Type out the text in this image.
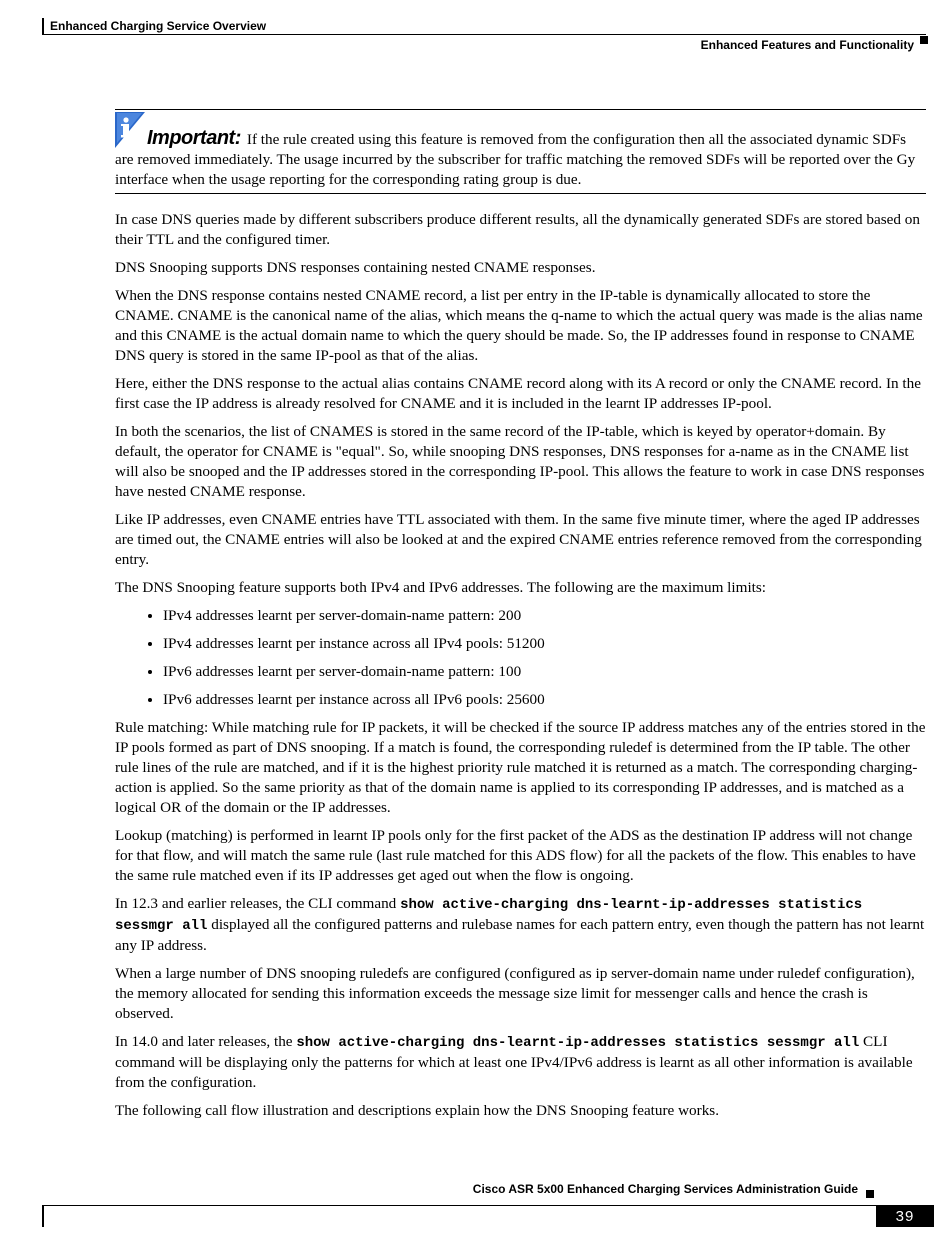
Enhanced Charging Service Overview
Enhanced Features and Functionality
Important: If the rule created using this feature is removed from the configuration then all the associated dynamic SDFs are removed immediately. The usage incurred by the subscriber for traffic matching the removed SDFs will be reported over the Gy interface when the usage reporting for the corresponding rating group is due.

In case DNS queries made by different subscribers produce different results, all the dynamically generated SDFs are stored based on their TTL and the configured timer.

DNS Snooping supports DNS responses containing nested CNAME responses.

When the DNS response contains nested CNAME record, a list per entry in the IP-table is dynamically allocated to store the CNAME. CNAME is the canonical name of the alias, which means the q-name to which the actual query was made is the alias name and this CNAME is the actual domain name to which the query should be made. So, the IP addresses found in response to CNAME DNS query is stored in the same IP-pool as that of the alias.

Here, either the DNS response to the actual alias contains CNAME record along with its A record or only the CNAME record. In the first case the IP address is already resolved for CNAME and it is included in the learnt IP addresses IP-pool.

In both the scenarios, the list of CNAMES is stored in the same record of the IP-table, which is keyed by operator+domain. By default, the operator for CNAME is "equal". So, while snooping DNS responses, DNS responses for a-name as in the CNAME list will also be snooped and the IP addresses stored in the corresponding IP-pool. This allows the feature to work in case DNS responses have nested CNAME response.

Like IP addresses, even CNAME entries have TTL associated with them. In the same five minute timer, where the aged IP addresses are timed out, the CNAME entries will also be looked at and the expired CNAME entries reference removed from the corresponding entry.

The DNS Snooping feature supports both IPv4 and IPv6 addresses. The following are the maximum limits:

• IPv4 addresses learnt per server-domain-name pattern: 200
• IPv4 addresses learnt per instance across all IPv4 pools: 51200
• IPv6 addresses learnt per server-domain-name pattern: 100
• IPv6 addresses learnt per instance across all IPv6 pools: 25600

Rule matching: While matching rule for IP packets, it will be checked if the source IP address matches any of the entries stored in the IP pools formed as part of DNS snooping. If a match is found, the corresponding ruledef is determined from the IP table. The other rule lines of the rule are matched, and if it is the highest priority rule matched it is returned as a match. The corresponding charging-action is applied. So the same priority as that of the domain name is applied to its corresponding IP addresses, and is matched as a logical OR of the domain or the IP addresses.

Lookup (matching) is performed in learnt IP pools only for the first packet of the ADS as the destination IP address will not change for that flow, and will match the same rule (last rule matched for this ADS flow) for all the packets of the flow. This enables to have the same rule matched even if its IP addresses get aged out when the flow is ongoing.

In 12.3 and earlier releases, the CLI command show active-charging dns-learnt-ip-addresses statistics sessmgr all displayed all the configured patterns and rulebase names for each pattern entry, even though the pattern has not learnt any IP address.

When a large number of DNS snooping ruledefs are configured (configured as ip server-domain name under ruledef configuration), the memory allocated for sending this information exceeds the message size limit for messenger calls and hence the crash is observed.

In 14.0 and later releases, the show active-charging dns-learnt-ip-addresses statistics sessmgr all CLI command will be displaying only the patterns for which at least one IPv4/IPv6 address is learnt as all other information is available from the configuration.

The following call flow illustration and descriptions explain how the DNS Snooping feature works.

Cisco ASR 5x00 Enhanced Charging Services Administration Guide
39
